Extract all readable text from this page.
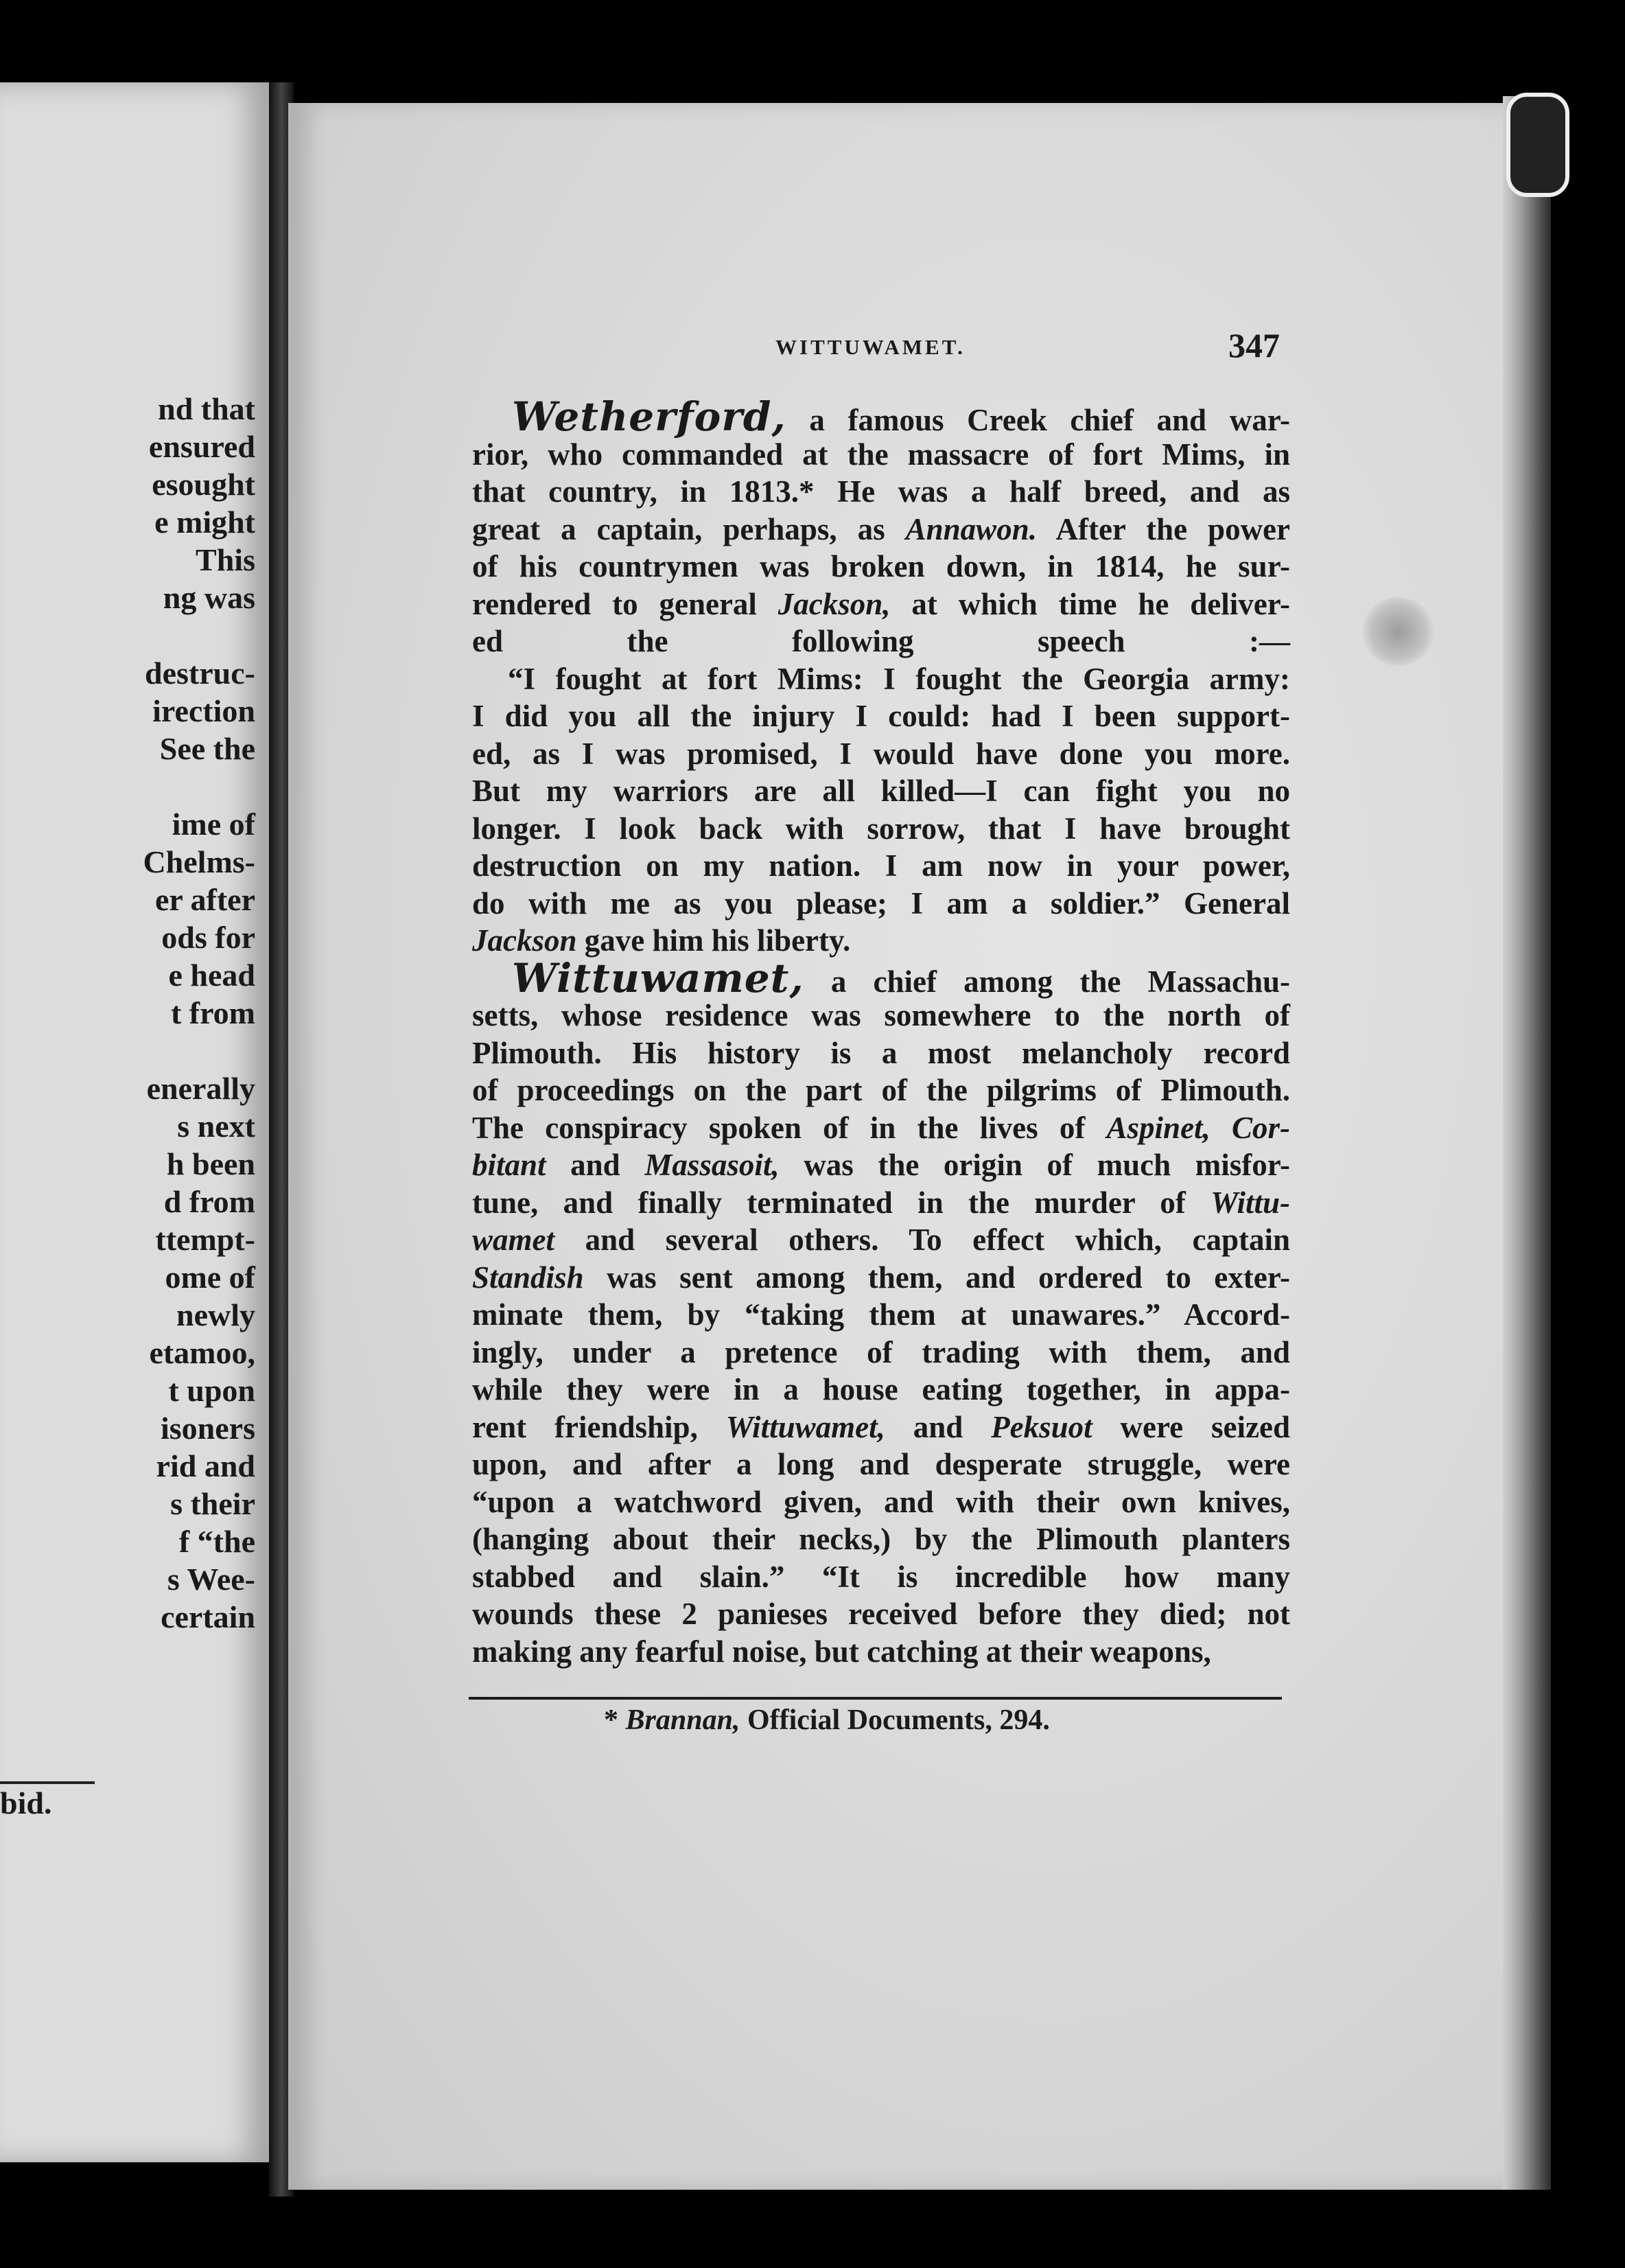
nd that
ensured
esought
e might
This
ng was
destruc-
irection
See the
ime of
Chelms-
er after
ods for
e head
t from
enerally
s next
h been
d from
ttempt-
ome of
newly
etamoo,
t upon
isoners
rid and
s their
f “the
s Wee-
certain
bid.
WITTUWAMET.	347
Wetherford, a famous Creek chief and war-
rior, who commanded at the massacre of fort Mims, in
that country, in 1813.* He was a half breed, and as
great a captain, perhaps, as Annawon. After the power
of his countrymen was broken down, in 1814, he sur-
rendered to general Jackson, at which time he deliver-
ed the following speech :—
“I fought at fort Mims: I fought the Georgia army:
I did you all the injury I could: had I been support-
ed, as I was promised, I would have done you more.
But my warriors are all killed—I can fight you no
longer. I look back with sorrow, that I have brought
destruction on my nation. I am now in your power,
do with me as you please; I am a soldier.” General
Jackson gave him his liberty.
Wittuwamet, a chief among the Massachu-
setts, whose residence was somewhere to the north of
Plimouth. His history is a most melancholy record
of proceedings on the part of the pilgrims of Plimouth.
The conspiracy spoken of in the lives of Aspinet, Cor-
bitant and Massasoit, was the origin of much misfor-
tune, and finally terminated in the murder of Wittu-
wamet and several others. To effect which, captain
Standish was sent among them, and ordered to exter-
minate them, by “taking them at unawares.” Accord-
ingly, under a pretence of trading with them, and
while they were in a house eating together, in appa-
rent friendship, Wittuwamet, and Peksuot were seized
upon, and after a long and desperate struggle, were
“upon a watchword given, and with their own knives,
(hanging about their necks,) by the Plimouth planters
stabbed and slain.” “It is incredible how many
wounds these 2 panieses received before they died; not
making any fearful noise, but catching at their weapons,
* Brannan, Official Documents, 294.
